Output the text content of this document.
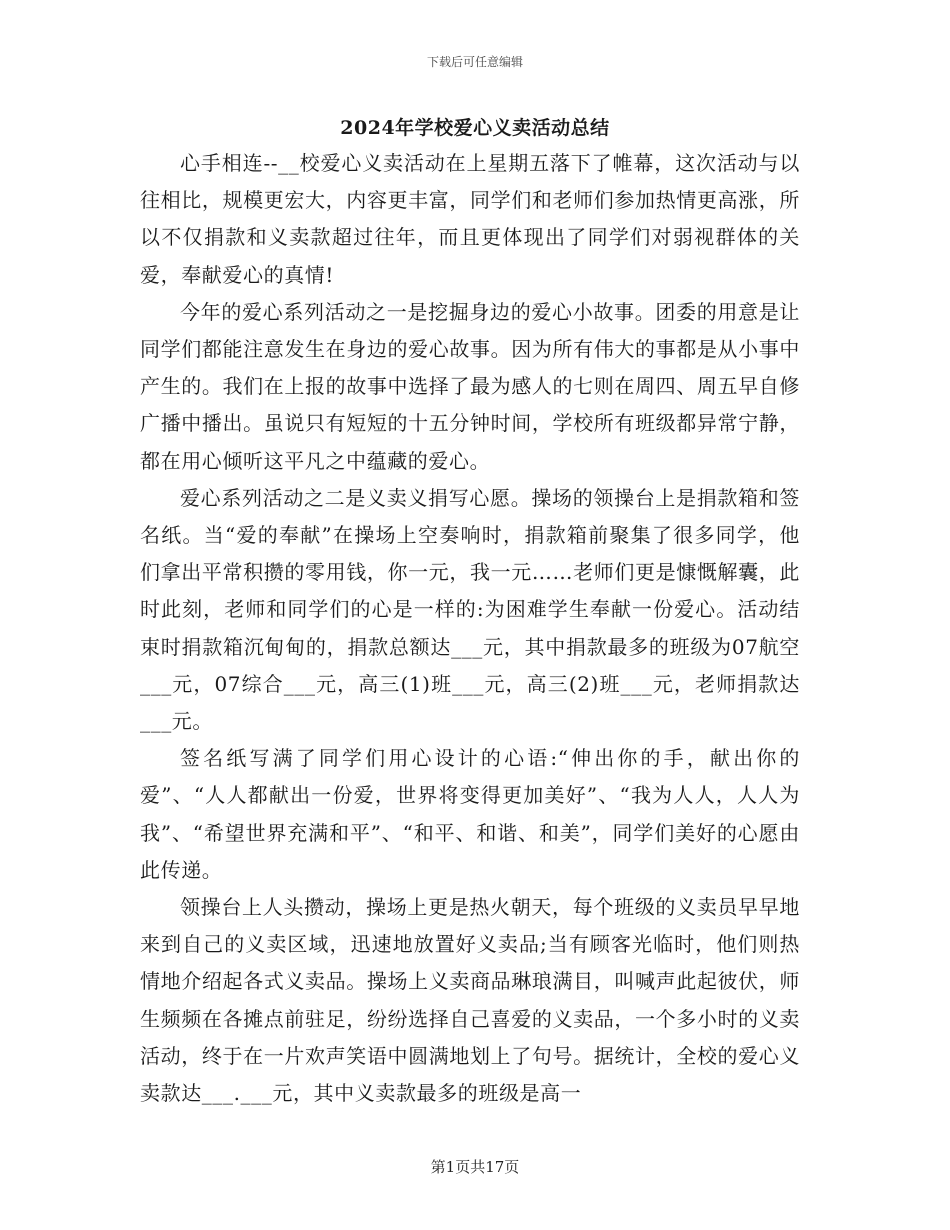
下载后可任意编辑
2024年学校爱心义卖活动总结

心手相连--__校爱心义卖活动在上星期五落下了帷幕，这次活动与以往相比，规模更宏大，内容更丰富，同学们和老师们参加热情更高涨，所以不仅捐款和义卖款超过往年，而且更体现出了同学们对弱视群体的关爱，奉献爱心的真情!

今年的爱心系列活动之一是挖掘身边的爱心小故事。团委的用意是让同学们都能注意发生在身边的爱心故事。因为所有伟大的事都是从小事中产生的。我们在上报的故事中选择了最为感人的七则在周四、周五早自修广播中播出。虽说只有短短的十五分钟时间，学校所有班级都异常宁静，都在用心倾听这平凡之中蕴藏的爱心。

爱心系列活动之二是义卖义捐写心愿。操场的领操台上是捐款箱和签名纸。当“爱的奉献”在操场上空奏响时，捐款箱前聚集了很多同学，他们拿出平常积攒的零用钱，你一元，我一元……老师们更是慷慨解囊，此时此刻，老师和同学们的心是一样的:为困难学生奉献一份爱心。活动结束时捐款箱沉甸甸的，捐款总额达___元，其中捐款最多的班级为07航空___元，07综合___元，高三(1)班___元，高三(2)班___元，老师捐款达___元。

签名纸写满了同学们用心设计的心语:“伸出你的手，献出你的爱”、“人人都献出一份爱，世界将变得更加美好”、“我为人人，人人为我”、“希望世界充满和平”、“和平、和谐、和美”，同学们美好的心愿由此传递。

领操台上人头攒动，操场上更是热火朝天，每个班级的义卖员早早地来到自己的义卖区域，迅速地放置好义卖品;当有顾客光临时，他们则热情地介绍起各式义卖品。操场上义卖商品琳琅满目，叫喊声此起彼伏，师生频频在各摊点前驻足，纷纷选择自己喜爱的义卖品，一个多小时的义卖活动，终于在一片欢声笑语中圆满地划上了句号。据统计，全校的爱心义卖款达___.___元，其中义卖款最多的班级是高一

第1页共17页
